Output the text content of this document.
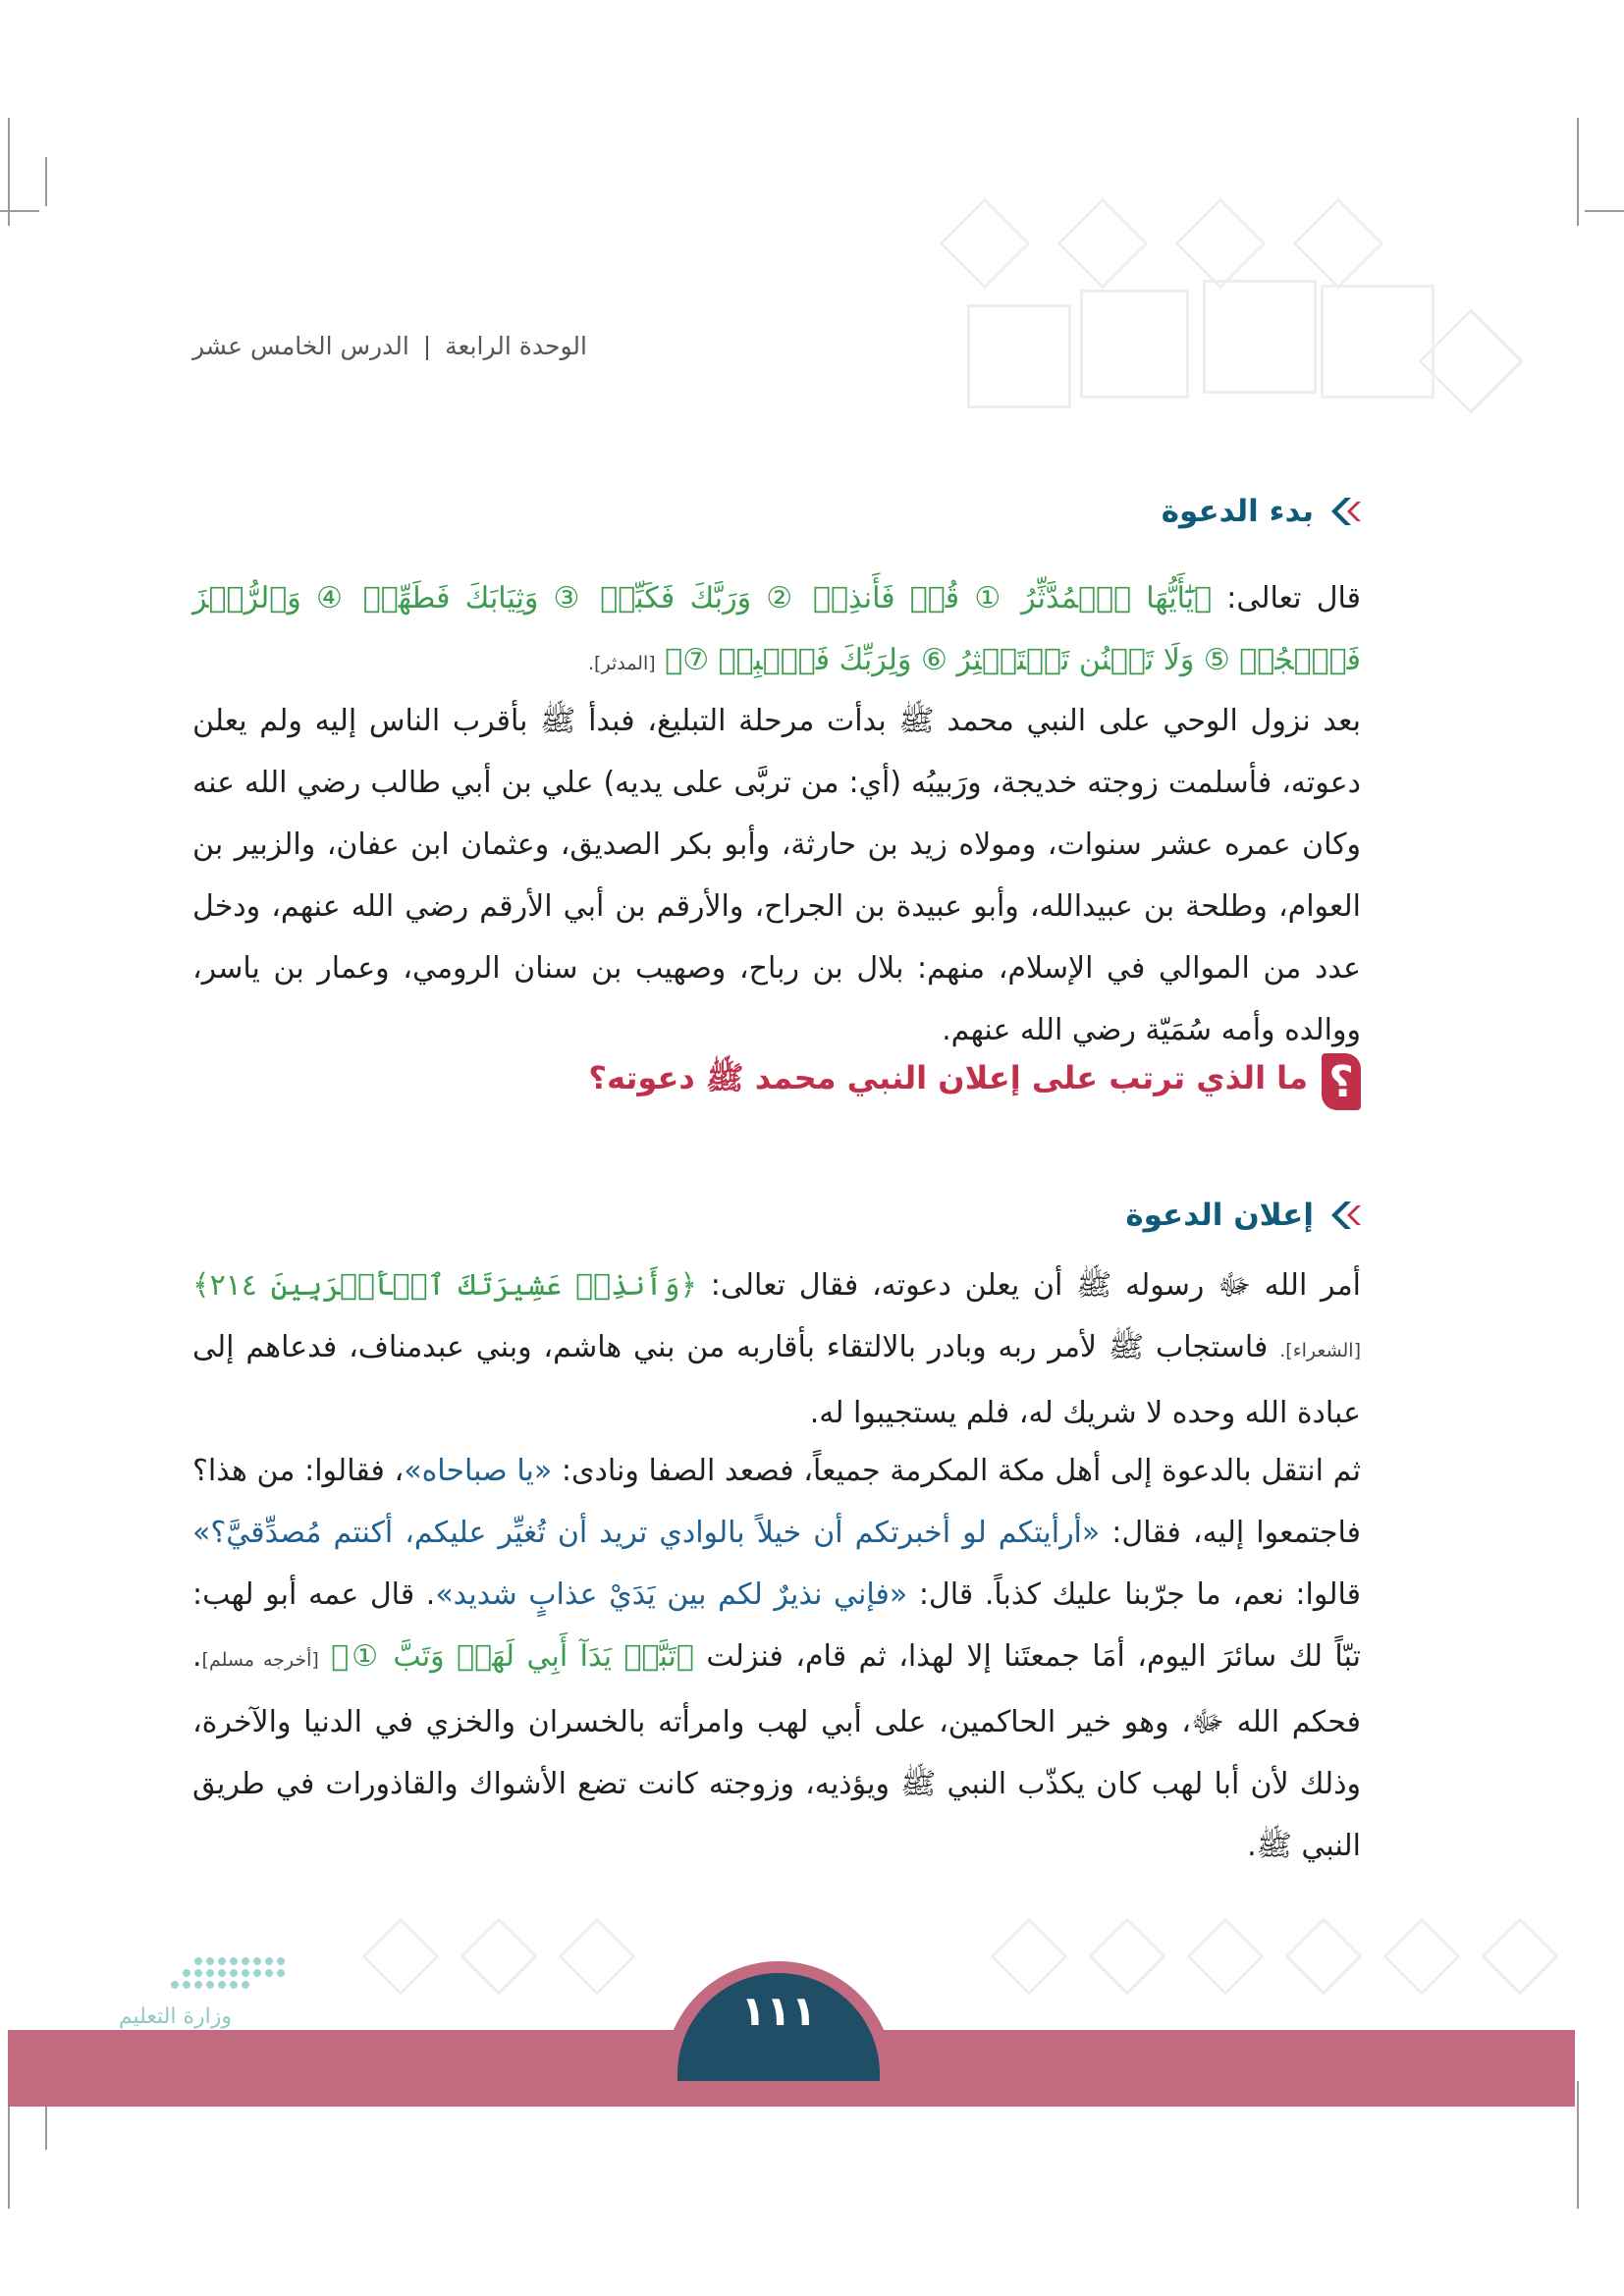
الوحدة الرابعة | الدرس الخامس عشر
بدء الدعوة
قال تعالى: ﴿يَٰٓأَيُّهَا ٱلۡمُدَّثِّرُ ① قُمۡ فَأَنذِرۡ ② وَرَبَّكَ فَكَبِّرۡ ③ وَثِيَابَكَ فَطَهِّرۡ ④ وَٱلرُّجۡزَ فَٱهۡجُرۡ ⑤ وَلَا تَمۡنُن تَسۡتَكۡثِرُ ⑥ وَلِرَبِّكَ فَٱصۡبِرۡ ⑦﴾ [المدثر].
بعد نزول الوحي على النبي محمد ﷺ بدأت مرحلة التبليغ، فبدأ ﷺ بأقرب الناس إليه ولم يعلن دعوته، فأسلمت زوجته خديجة، ورَبيبُه (أي: من تربَّى على يديه) علي بن أبي طالب رضي الله عنه وكان عمره عشر سنوات، ومولاه زيد بن حارثة، وأبو بكر الصديق، وعثمان ابن عفان، والزبير بن العوام، وطلحة بن عبيدالله، وأبو عبيدة بن الجراح، والأرقم بن أبي الأرقم رضي الله عنهم، ودخل عدد من الموالي في الإسلام، منهم: بلال بن رباح، وصهيب بن سنان الرومي، وعمار بن ياسر، ووالده وأمه سُمَيّة رضي الله عنهم.
؟
ما الذي ترتب على إعلان النبي محمد ﷺ دعوته؟
إعلان الدعوة
أمر الله ﷻ رسوله ﷺ أن يعلن دعوته، فقال تعالى: ﴿وَأَنذِرۡ عَشِيرَتَكَ ٱلۡأَقۡرَبِينَ ٢١٤﴾ [الشعراء]. فاستجاب ﷺ لأمر ربه وبادر بالالتقاء بأقاربه من بني هاشم، وبني عبدمناف، فدعاهم إلى عبادة الله وحده لا شريك له، فلم يستجيبوا له.
ثم انتقل بالدعوة إلى أهل مكة المكرمة جميعاً، فصعد الصفا ونادى: «يا صباحاه»، فقالوا: من هذا؟ فاجتمعوا إليه، فقال: «أرأيتكم لو أخبرتكم أن خيلاً بالوادي تريد أن تُغيِّر عليكم، أكنتم مُصدِّقيَّ؟» قالوا: نعم، ما جرّبنا عليك كذباً. قال: «فإني نذيرٌ لكم بين يَدَيْ عذابٍ شديد». قال عمه أبو لهب: تبّاً لك سائرَ اليوم، أمَا جمعتَنا إلا لهذا، ثم قام، فنزلت ﴿تَبَّتۡ يَدَآ أَبِي لَهَبٖ وَتَبَّ ①﴾ [أخرجه مسلم]. فحكم الله ﷻ، وهو خير الحاكمين، على أبي لهب وامرأته بالخسران والخزي في الدنيا والآخرة، وذلك لأن أبا لهب كان يكذّب النبي ﷺ ويؤذيه، وزوجته كانت تضع الأشواك والقاذورات في طريق النبي ﷺ.
١١١
وزارة التعليم
